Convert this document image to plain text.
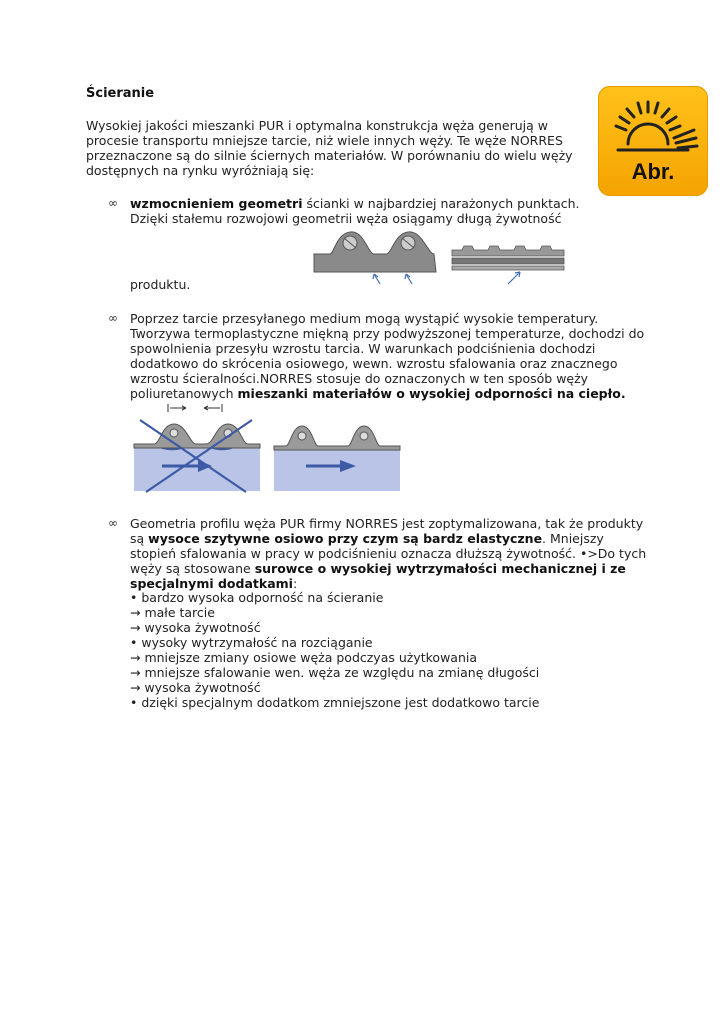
Ścieranie
Wysokiej jakości mieszanki PUR i optymalna konstrukcja węża generują w
procesie transportu mniejsze tarcie, niż wiele innych węży. Te węże NORRES
przeznaczone są do silnie ściernych materiałów. W porównaniu do wielu węży
dostępnych na rynku wyróżniają się:	Abr.
∞ wzmocnieniem geometri ścianki w najbardziej narażonych punktach.

Dzięki stałemu rozwojowi geometrii węża osiągamy długą żywotność

produktu.
∞ Poprzez tarcie przesyłanego medium mogą wystąpić wysokie temperatury.

Tworzywa termoplastyczne miękną przy podwyższonej temperaturze, dochodzi do

spowolnienia przesyłu wzrostu tarcia. W warunkach podciśnienia dochodzi

dodatkowo do skrócenia osiowego, wewn. wzrostu sfalowania oraz znacznego

wzrostu ścieralności.NORRES stosuje do oznaczonych w ten sposób węży

poliuretanowych mieszanki materiałów o wysokiej odporności na ciepło.

∞ Geometria profilu węża PUR firmy NORRES jest zoptymalizowana, tak że produkty

są wysoce szytywne osiowo przy czym są bardz elastyczne. Mniejszy

stopień sfalowania w pracy w podciśnieniu oznacza dłuższą żywotność. •>Do tych

węży są stosowane surowce o wysokiej wytrzymałości mechanicznej i ze

specjalnymi dodatkami:

• bardzo wysoka odporność na ścieranie
→ małe tarcie
→ wysoka żywotność
• wysoky wytrzymałość na rozciąganie
→ mniejsze zmiany osiowe węża podczyas użytkowania
→ mniejsze sfalowanie wen. węża ze względu na zmianę długości
→ wysoka żywotność
• dzięki specjalnym dodatkom zmniejszone jest dodatkowo tarcie
